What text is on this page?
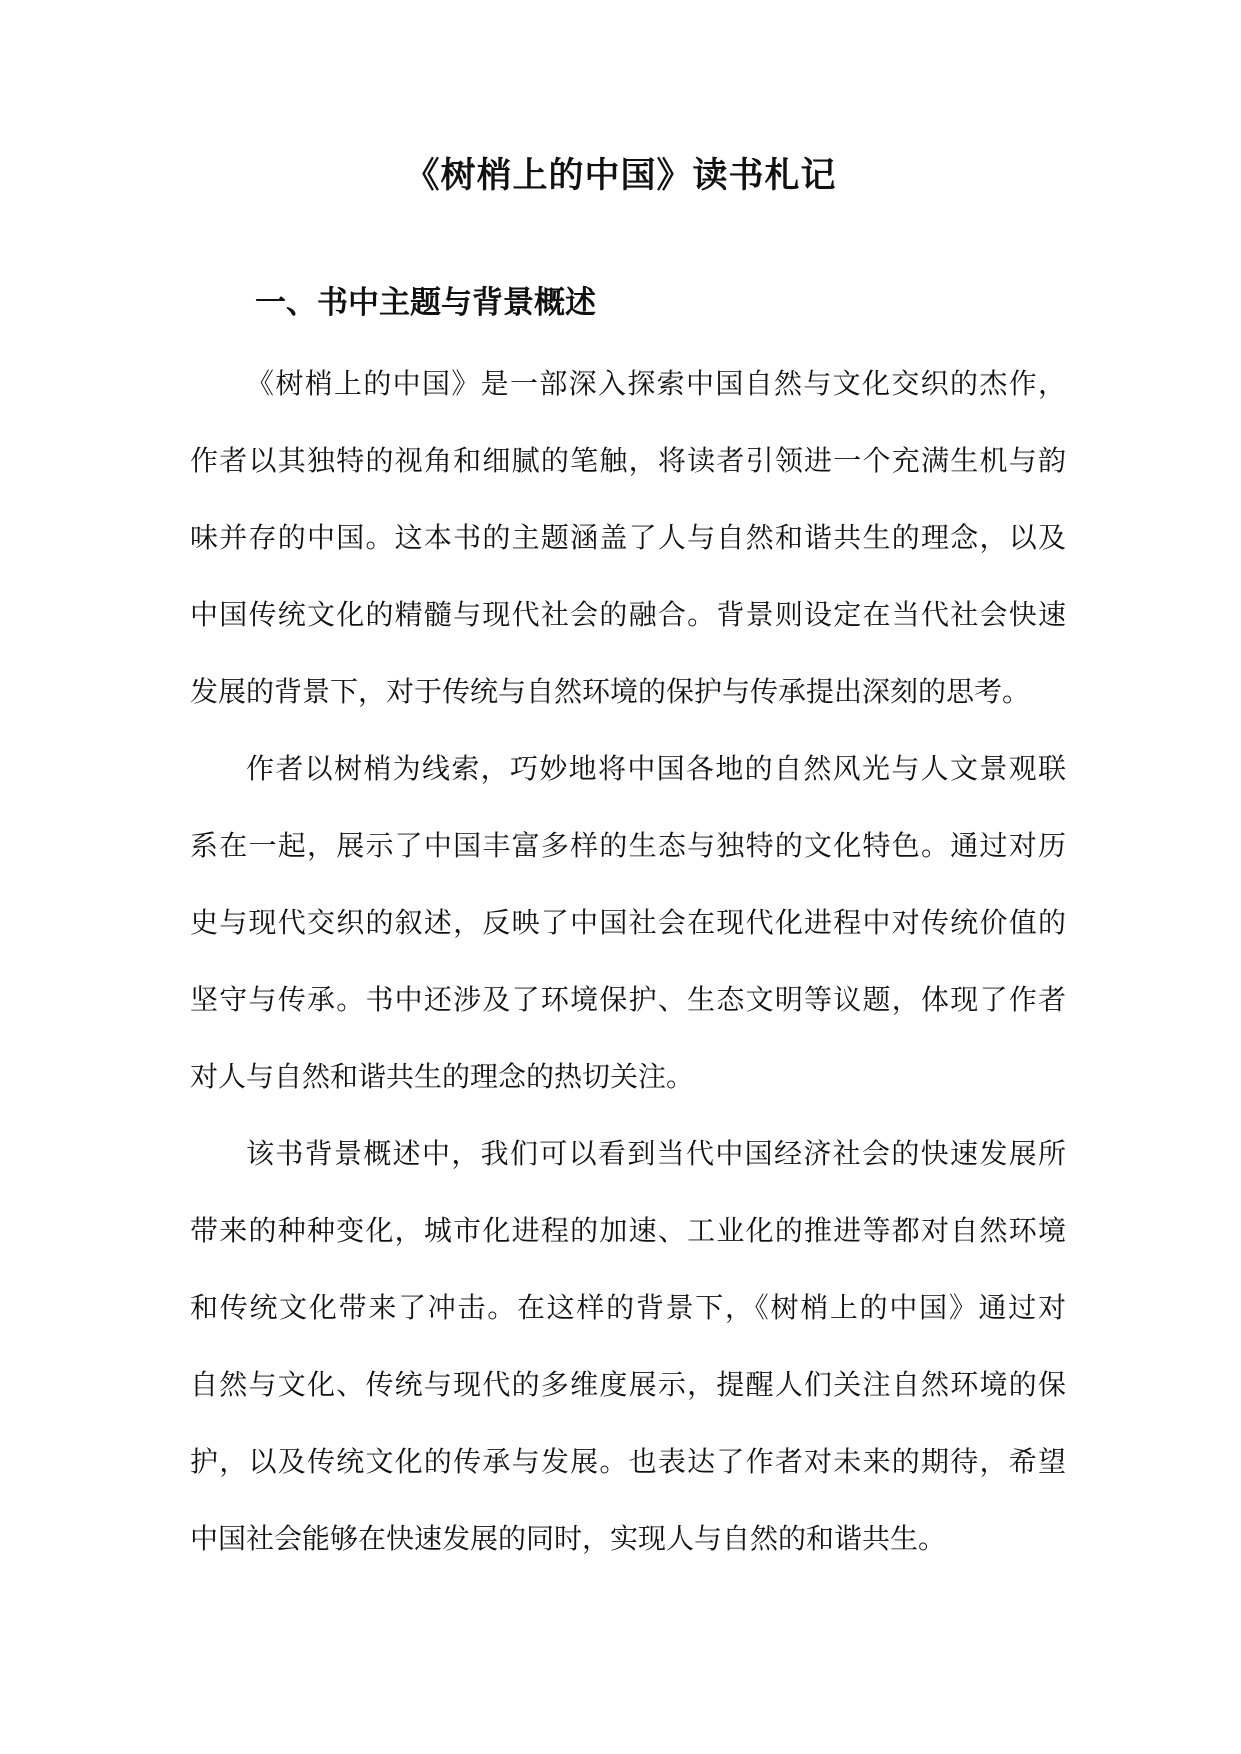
《树梢上的中国》读书札记
一、书中主题与背景概述

《树梢上的中国》是一部深入探索中国自然与文化交织的杰作，
作者以其独特的视角和细腻的笔触，将读者引领进一个充满生机与韵
味并存的中国。这本书的主题涵盖了人与自然和谐共生的理念，以及
中国传统文化的精髓与现代社会的融合。背景则设定在当代社会快速
发展的背景下，对于传统与自然环境的保护与传承提出深刻的思考。

作者以树梢为线索，巧妙地将中国各地的自然风光与人文景观联
系在一起，展示了中国丰富多样的生态与独特的文化特色。通过对历
史与现代交织的叙述，反映了中国社会在现代化进程中对传统价值的
坚守与传承。书中还涉及了环境保护、生态文明等议题，体现了作者
对人与自然和谐共生的理念的热切关注。

该书背景概述中，我们可以看到当代中国经济社会的快速发展所
带来的种种变化，城市化进程的加速、工业化的推进等都对自然环境
和传统文化带来了冲击。在这样的背景下，《树梢上的中国》通过对
自然与文化、传统与现代的多维度展示，提醒人们关注自然环境的保
护，以及传统文化的传承与发展。也表达了作者对未来的期待，希望
中国社会能够在快速发展的同时，实现人与自然的和谐共生。
